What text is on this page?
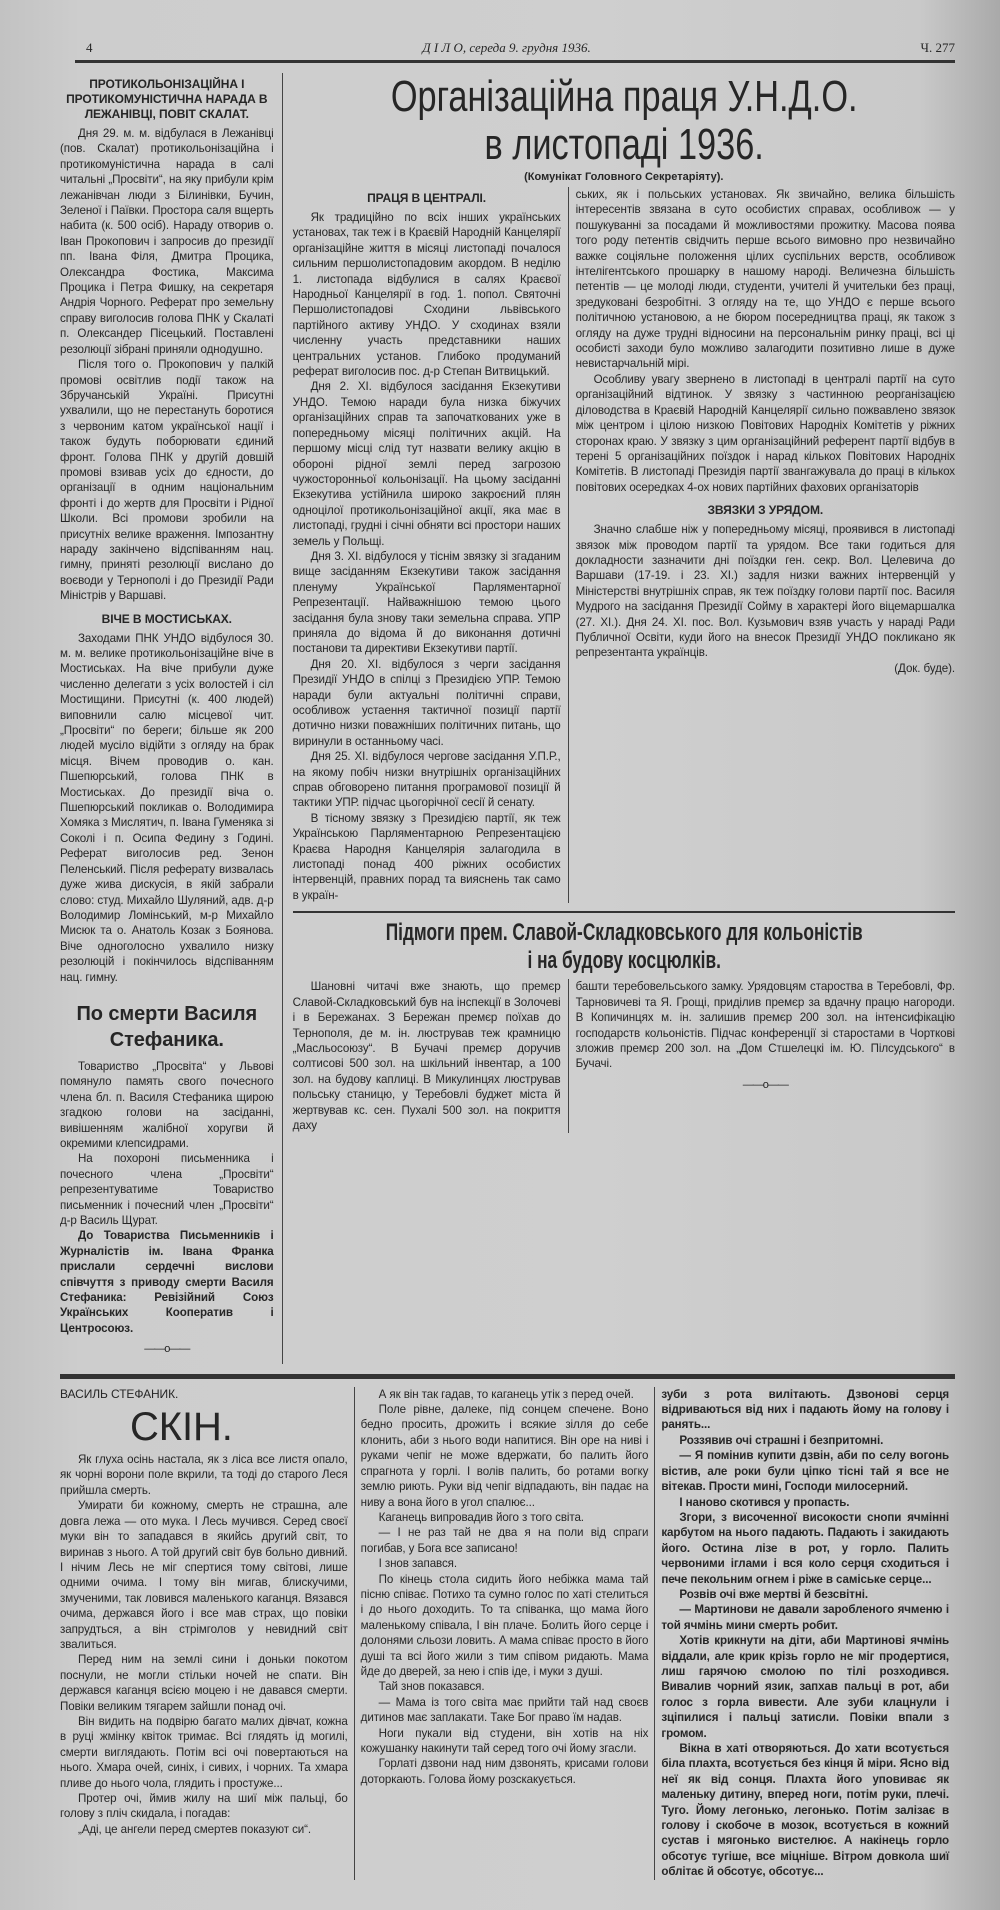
4	Д І Л О, середа 9. грудня 1936.	Ч. 277

ПРОТИКОЛЬОНІЗАЦІЙНА І ПРОТИКОМУНІСТИЧНА НАРАДА В ЛЕЖАНІВЦІ, ПОВІТ СКАЛАТ.

Дня 29. м. м. відбулася в Лежанівці (пов. Скалат) протикольонізаційна і протикомуністична нарада в салі читальні „Просвіти“, на яку прибули крім лежанівчан люди з Білинівки, Бучин, Зеленої і Паївки. Простора саля вщерть набита (к. 500 осіб). Нараду отворив о. Іван Прокопович і запросив до президії пп. Івана Філя, Дмитра Процика, Олександра Фостика, Максима Процика і Петра Фишку, на секретаря Андрія Чорного. Реферат про земельну справу виголосив голова ПНК у Скалаті п. Олександер Пісецький. Поставлені резолюції зібрані приняли однодушно.

Після того о. Прокопович у палкій промові освітлив події також на Збручанській Україні. Присутні ухвалили, що не перестануть боротися з червоним катом української нації і також будуть поборювати єдиний фронт. Голова ПНК у другій довшій промові взивав усіх до єдности, до організації в одним національним фронті і до жертв для Просвіти і Рідної Школи. Всі промови зробили на присутніх велике враження. Імпозантну нараду закінчено відспіванням нац. гимну, приняті резолюції вислано до воєводи у Тернополі і до Президії Ради Міністрів у Варшаві.

ВІЧЕ В МОСТИСЬКАХ.

Заходами ПНК УНДО відбулося 30. м. м. велике протикольонізаційне віче в Мостиськах. На віче прибули дуже численно делегати з усіх волостей і сіл Мостищини. Присутні (к. 400 людей) виповнили салю місцевої чит. „Просвіти“ по береги; більше як 200 людей мусіло відійти з огляду на брак місця. Вічем проводив о. кан. Пшепюрський, голова ПНК в Мостиськах. До президії віча о. Пшепюрський покликав о. Володимира Хомяка з Мислятич, п. Івана Гуменяка зі Соколі і п. Осипа Федину з Годині. Реферат виголосив ред. Зенон Пеленський. Після реферату визвалась дуже жива дискусія, в якій забрали слово: студ. Михайло Шуляний, адв. д-р Володимир Ломінський, м-р Михайло Мисюк та о. Анатоль Козак з Боянова. Віче одноголосно ухвалило низку резолюцій і покінчилось відспіванням нац. гимну.

По смерти Василя Стефаника.

Товариство „Просвіта“ у Львові помянуло память свого почесного члена бл. п. Василя Стефаника щирою згадкою голови на засіданні, вивішенням жалібної хоругви й окремими клепсидрами.

На похороні письменника і почесного члена „Просвіти“ репрезентуватиме Товариство письменник і почесний член „Просвіти“ д-р Василь Щурат.

До Товариства Письменників і Журналістів ім. Івана Франка прислали сердечні вислови співчуття з приводу смерти Василя Стефаника: Ревізійний Союз Українських Кооператив і Центросоюз.

——o——
Організаційна праця У.Н.Д.О.
в листопаді 1936.
(Комунікат Головного Секретаріяту).

ПРАЦЯ В ЦЕНТРАЛІ.

Як традиційно по всіх інших українських установах, так теж і в Краєвій Народній Канцелярії організаційне життя в місяці листопаді почалося сильним першолистопадовим акордом. В неділю 1. листопада відбулися в салях Краєвої Народньої Канцелярії в год. 1. попол. Святочні Першолистопадові Сходини львівського партійного активу УНДО. У сходинах взяли численну участь представники наших центральних установ. Глибоко продуманий реферат виголосив пос. д-р Степан Витвицький.

Дня 2. XI. відбулося засідання Екзекутиви УНДО. Темою наради була низка біжучих організаційних справ та започаткованих уже в попередньому місяці політичних акцій. На першому місці слід тут назвати велику акцію в обороні рідної землі перед загрозою чужосторонньої кольонізації. На цьому засіданні Екзекутива устійнила широко закроєний плян одноцілої протикольонізаційної акції, яка має в листопаді, грудні і січні обняти всі простори наших земель у Польщі.

Дня 3. XI. відбулося у тіснім звязку зі згаданим вище засіданням Екзекутиви також засідання пленуму Української Парляментарної Репрезентації. Найважнішою темою цього засідання була знову таки земельна справа. УПР приняла до відома й до виконання дотичні постанови та директиви Екзекутиви партії.

Дня 20. XI. відбулося з черги засідання Президії УНДО в спілці з Президією УПР. Темою наради були актуальні політичні справи, особливож устаення тактичної позиції партії дотично низки поважніших політичних питань, що виринули в останньому часі.

Дня 25. XI. відбулося чергове засідання У.П.Р., на якому побіч низки внутрішніх організаційних справ обговорено питання програмової позиції й тактики УПР. підчас цьогорічної сесії й сенату.

В тісному звязку з Президією партії, як теж Українською Парляментарною Репрезентацією Краєва Народня Канцелярія залагодила в листопаді понад 400 ріжних особистих інтервенцій, правних порад та вияснень так само в україн-

ських, як і польських установах. Як звичайно, велика більшість інтересентів звязана в суто особистих справах, особливож — у пошукуванні за посадами й можливостями прожитку. Масова поява того роду петентів свідчить перше всього вимовно про незвичайно важке соціяльне положення цілих суспільних верств, особливож інтелігентського прошарку в нашому народі. Величезна більшість петентів — це молоді люди, студенти, учителі й учительки без праці, зредуковані безробітні. З огляду на те, що УНДО є перше всього політичною установою, а не бюром посередництва праці, як також з огляду на дуже трудні відносини на персональнім ринку праці, всі ці особисті заходи було можливо залагодити позитивно лише в дуже невистарчальній мірі.

Особливу увагу звернено в листопаді в централі партії на суто організаційний відтинок. У звязку з частинною реорганізацією діловодства в Краєвій Народній Канцелярії сильно пожвавлено звязок між центром і цілою низкою Повітових Народніх Комітетів у ріжних сторонах краю. У звязку з цим організаційний референт партії відбув в терені 5 організаційних поїздок і нарад кількох Повітових Народніх Комітетів. В листопаді Президія партії звангажувала до праці в кількох повітових осередках 4-ох нових партійних фахових організаторів

ЗВЯЗКИ З УРЯДОМ.

Значно слабше ніж у попередньому місяці, проявився в листопаді звязок між проводом партії та урядом. Все таки годиться для докладности зазначити дні поїздки ген. секр. Вол. Целевича до Варшави (17-19. і 23. XI.) задля низки важних інтервенцій у Міністерстві внутрішніх справ, як теж поїздку голови партії пос. Василя Мудрого на засідання Президії Сойму в характері його віцемаршалка (27. XI.). Дня 24. XI. пос. Вол. Кузьмович взяв участь у нараді Ради Публичної Освіти, куди його на внесок Президії УНДО покликано як репрезентанта українців.

(Док. буде).

Підмоги прем. Славой-Складковського для кольоністів
і на будову косцюлків.

Шановні читачі вже знають, що премєр Славой-Складковський був на інспекції в Золочеві і в Бережанах. З Бережан премєр поїхав до Тернополя, де м. ін. люстрував теж крамницю „Масльосоюзу“. В Бучачі премєр доручив солтисові 500 зол. на шкільний інвентар, а 100 зол. на будову каплиці. В Микулинцях люстрував польську станицю, у Теребовлі буджет міста й жертвував кс. сен. Пухалі 500 зол. на покриття даху

башти теребовельського замку. Урядовцям староства в Теребовлі, Фр. Тарновичеві та Я. Грощі, приділив премєр за вдачну працю нагороди. В Копичинцях м. ін. залишив премєр 200 зол. на інтенсифікацію господарств кольоністів. Підчас конференції зі старостами в Чорткові зложив премєр 200 зол. на „Дом Стшелецкі ім. Ю. Пілсудського“ в Бучачі.

——o——

ВАСИЛЬ СТЕФАНИК.

СКІН.

Як глуха осінь настала, як з ліса все листя опало, як чорні ворони поле вкрили, та тоді до старого Леся прийшла смерть.

Умирати би кожному, смерть не страшна, але довга лежа — ото мука. І Лесь мучився. Серед своєї муки він то западався в якийсь другий світ, то виринав з нього. А той другий світ був больно дивний. І нічим Лесь не міг спертися тому світові, лише одними очима. І тому він мигав, блискучими, змученими, так ловився маленького каганця. Вязався очима, держався його і все мав страх, що повіки запрудться, а він стрімголов у невидний світ звалиться.

Перед ним на землі сини і доньки покотом поснули, не могли стільки ночей не спати. Він держався каганця всією моцею і не давався смерти. Повіки великим тягарем зайшли понад очі.

Він видить на подвірю багато малих дівчат, кожна в руці жмінку квіток тримає. Всі глядять ід могилі, смерти виглядають. Потім всі очі повертаються на нього. Хмара очей, синіх, і сивих, і чорних. Та хмара пливе до нього чола, глядить і простуже...

Протер очі, ймив жилу на шиї між пальці, бо голову з пліч скидала, і погадав:

„Аді, це ангели перед смертев показуют си“.

А як він так гадав, то каганець утік з перед очей.

Поле рівне, далеке, під сонцем спечене. Воно бедно просить, дрожить і всякие зілля до себе клонить, аби з нього води напитися. Він оре на ниві і руками чепіг не може вдержати, бо палить його спрагнота у горлі. І волів палить, бо ротами вогку землю риють. Руки від чепіг відпадають, він падає на ниву а вона його в угол спалює...

Каганець випровадив його з того світа.

— І не раз тай не два я на поли від спраги погибав, у Бога все записано!

І знов запався.

По кінець стола сидить його небіжка мама тай пісню співає. Потихо та сумно голос по хаті стелиться і до нього доходить. То та співанка, що мама його маленькому співала, І він плаче. Болить його серце і долонями сльози ловить. А мама співає просто в його душі та всі його жили з тим співом ридають. Мама йде до дверей, за нею і спів іде, і муки з душі.

Тай знов показався.

— Мама із того світа має прийти тай над своєв дитинов має заплакати. Таке Бог право їм надав.

Ноги пукали від студени, він хотів на ніх кожушанку накинути тай серед того очі йому згасли.

Горлаті дзвони над ним дзвонять, крисами голови доторкають. Голова йому розскакується.

зуби з рота вилітають. Дзвонові серця відриваються від них і падають йому на голову і ранять...

Роззявив очі страшні і безпритомні.

— Я помінив купити дзвін, аби по селу вогонь вістив, але роки були ціпко тісні тай я все не вітекав. Прости мині, Господи милосерний.

І наново скотився у пропасть.

Згори, з височенної високости снопи ячмінні карбутом на нього падають. Падають і закидають його. Остина лізе в рот, у горло. Палить червоними іглами і вся коло серця сходиться і пече пекольним огнем і ріже в саміське серце...

Розвів очі вже мертві й безсвітні.

— Мартинови не давали заробленого ячменю і той ячмінь мини смерть робит.

Хотів крикнути на діти, аби Мартинові ячмінь віддали, але крик крізь горло не міг продертися, лиш гарячою смолою по тілі розходився. Вивалив чорний язик, запхав пальці в рот, аби голос з горла вивести. Але зуби клацнули і зціпилися і пальці затисли. Повіки впали з громом.

Вікна в хаті отворяються. До хати всотується біла плахта, всотується без кінця й міри. Ясно від неї як від сонця. Плахта його уповиває як маленьку дитину, вперед ноги, потім руки, плечі. Туго. Йому легонько, легонько. Потім залізає в голову і скобоче в мозок, всотується в кожний сустав і мягонько вистелює. А накінець горло обсотує тугіше, все міцніше. Вітром довкола шиї облітає й обсотує, обсотує...
